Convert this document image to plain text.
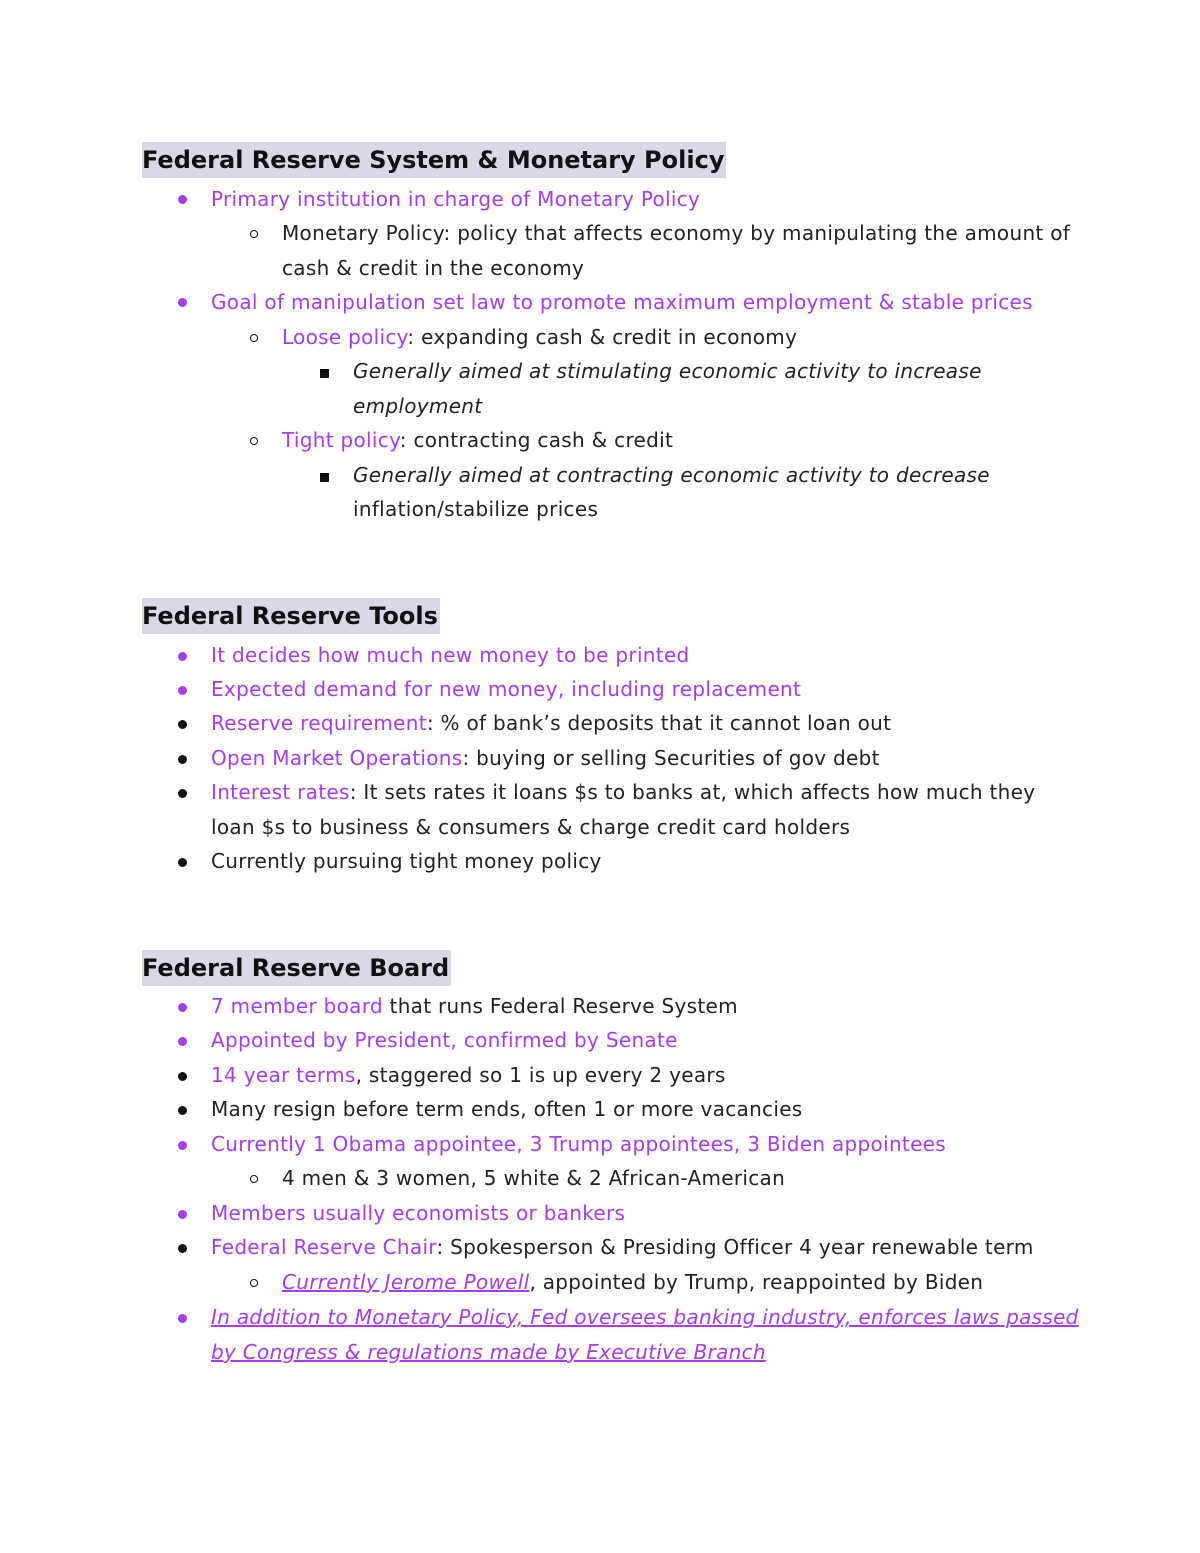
Federal Reserve System & Monetary Policy
Primary institution in charge of Monetary Policy
Monetary Policy: policy that affects economy by manipulating the amount of
cash & credit in the economy
Goal of manipulation set law to promote maximum employment & stable prices
Loose policy: expanding cash & credit in economy
Generally aimed at stimulating economic activity to increase
employment
Tight policy: contracting cash & credit
Generally aimed at contracting economic activity to decrease
inflation/stabilize prices
Federal Reserve Tools
It decides how much new money to be printed
Expected demand for new money, including replacement
Reserve requirement: % of bank’s deposits that it cannot loan out
Open Market Operations: buying or selling Securities of gov debt
Interest rates: It sets rates it loans $s to banks at, which affects how much they
loan $s to business & consumers & charge credit card holders
Currently pursuing tight money policy
Federal Reserve Board
7 member board that runs Federal Reserve System
Appointed by President, confirmed by Senate
14 year terms, staggered so 1 is up every 2 years
Many resign before term ends, often 1 or more vacancies
Currently 1 Obama appointee, 3 Trump appointees, 3 Biden appointees
4 men & 3 women, 5 white & 2 African-American
Members usually economists or bankers
Federal Reserve Chair: Spokesperson & Presiding Officer 4 year renewable term
Currently Jerome Powell, appointed by Trump, reappointed by Biden
In addition to Monetary Policy, Fed oversees banking industry, enforces laws passed
by Congress & regulations made by Executive Branch
